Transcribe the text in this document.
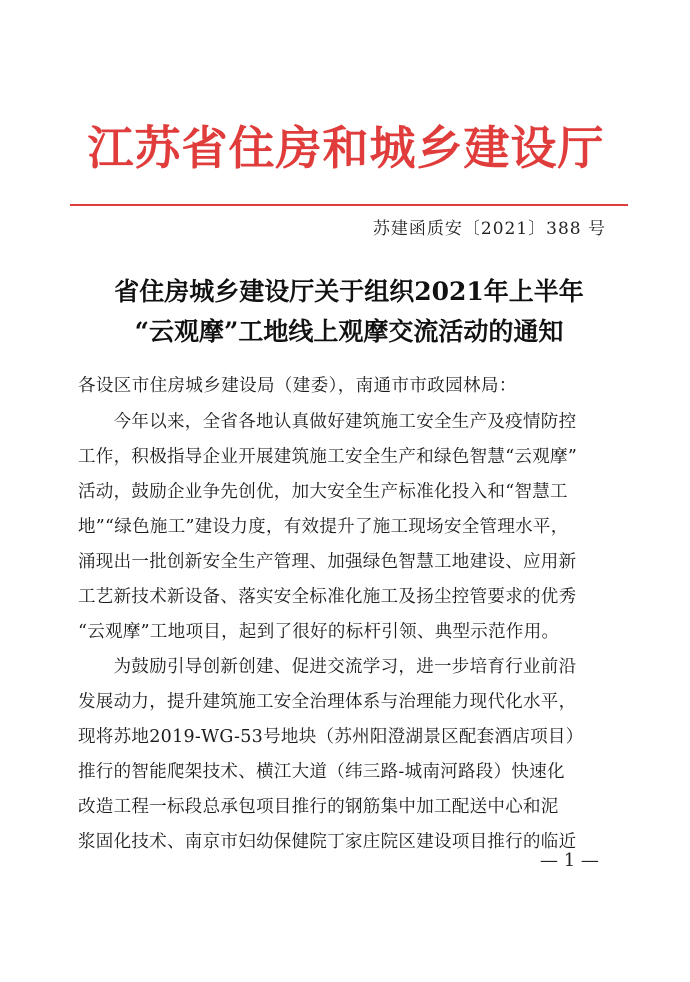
江苏省住房和城乡建设厅
苏建函质安〔2021〕388 号
省住房城乡建设厅关于组织2021年上半年
“云观摩”工地线上观摩交流活动的通知
各设区市住房城乡建设局（建委），南通市市政园林局：
　　今年以来，全省各地认真做好建筑施工安全生产及疫情防控
工作，积极指导企业开展建筑施工安全生产和绿色智慧“云观摩”
活动，鼓励企业争先创优，加大安全生产标准化投入和“智慧工
地”“绿色施工”建设力度，有效提升了施工现场安全管理水平，
涌现出一批创新安全生产管理、加强绿色智慧工地建设、应用新
工艺新技术新设备、落实安全标准化施工及扬尘控管要求的优秀
“云观摩”工地项目，起到了很好的标杆引领、典型示范作用。
　　为鼓励引导创新创建、促进交流学习，进一步培育行业前沿
发展动力，提升建筑施工安全治理体系与治理能力现代化水平，
现将苏地2019-WG-53号地块（苏州阳澄湖景区配套酒店项目）
推行的智能爬架技术、横江大道（纬三路-城南河路段）快速化
改造工程一标段总承包项目推行的钢筋集中加工配送中心和泥
浆固化技术、南京市妇幼保健院丁家庄院区建设项目推行的临近
— 1 —
